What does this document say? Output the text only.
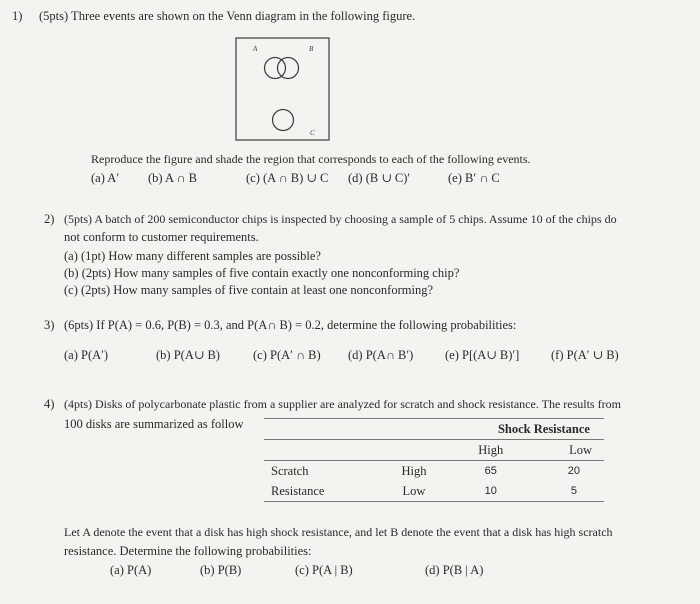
1) (5pts) Three events are shown on the Venn diagram in the following figure.
A	B
C
Reproduce the figure and shade the region that corresponds to each of the following events.
(a) A′ (b) A ∩ B	(c) (A ∩ B) ∪ C (d) (B ∪ C)′	(e) B′ ∩ C
2) (5pts) A batch of 200 semiconductor chips is inspected by choosing a sample of 5 chips. Assume 10 of the chips do
not conform to customer requirements.
(a) (1pt) How many different samples are possible?
(b) (2pts) How many samples of five contain exactly one nonconforming chip?
(c) (2pts) How many samples of five contain at least one nonconforming?
3) (6pts) If P(A) = 0.6, P(B) = 0.3, and P(A∩ B) = 0.2, determine the following probabilities:
(a) P(A′)	(b) P(A∪ B)	(c) P(A′ ∩ B) (d) P(A∩ B′)	(e) P[(A∪ B)′]	(f) P(A′ ∪ B)
4) (4pts) Disks of polycarbonate plastic from a supplier are analyzed for scratch and shock resistance. The results from
100 disks are summarized as follow
			Shock Resistance	
		High	Low
Scratch	High	65	20
Resistance	Low	10	5
Let A denote the event that a disk has high shock resistance, and let B denote the event that a disk has high scratch
resistance. Determine the following probabilities:
(a) P(A)	(b) P(B)	(c) P(A | B)	(d) P(B | A)
